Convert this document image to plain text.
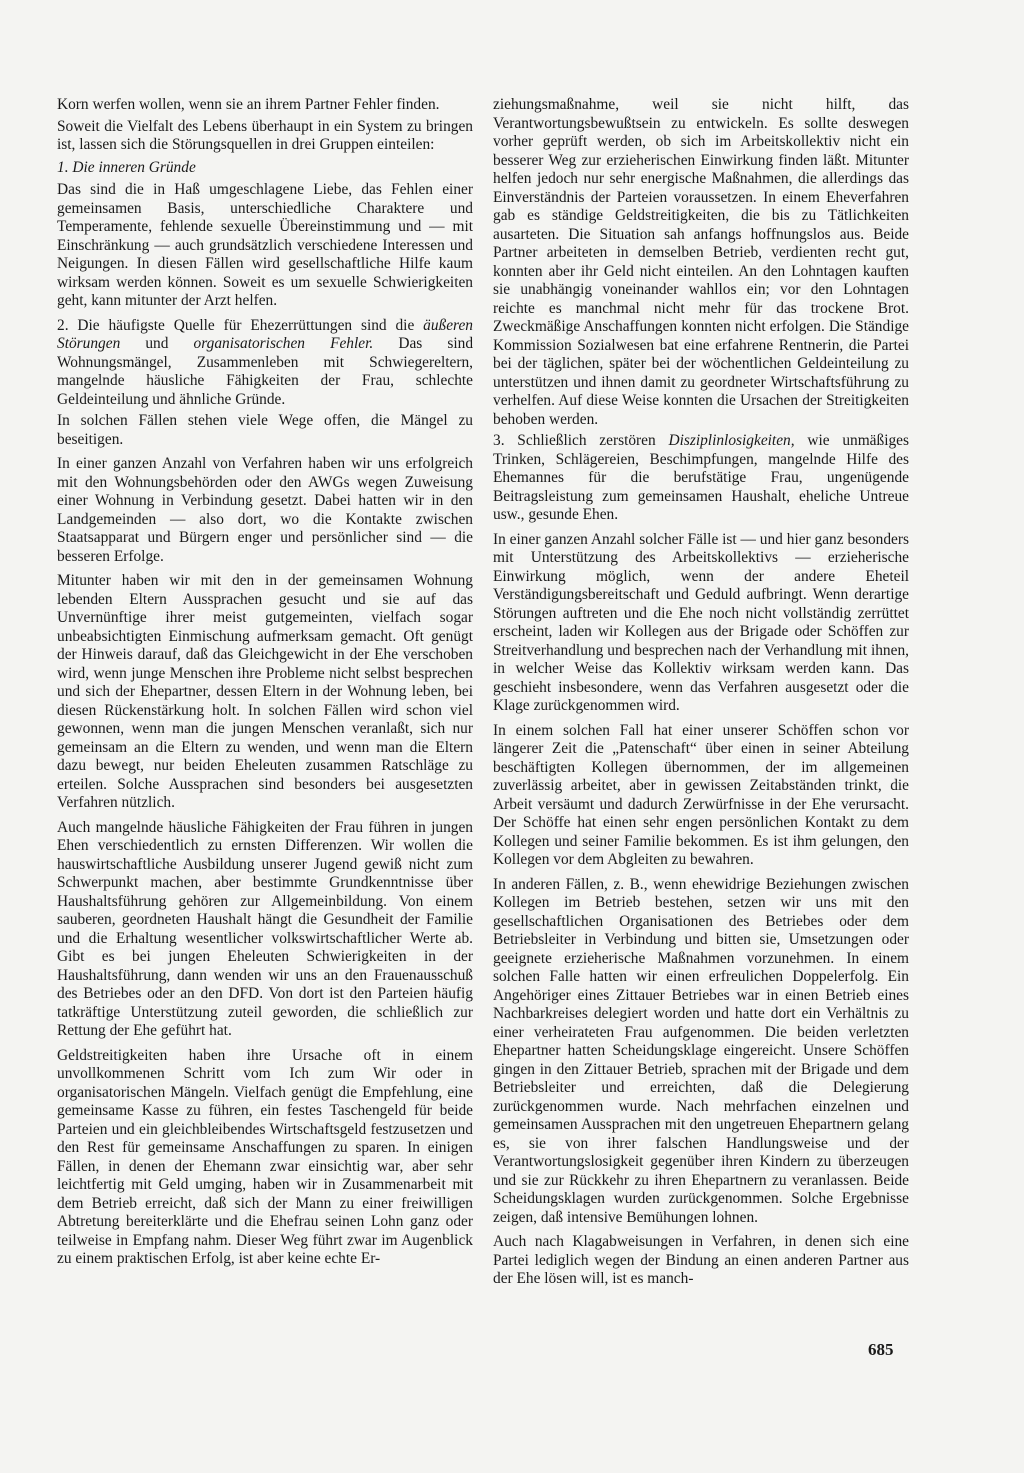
Korn werfen wollen, wenn sie an ihrem Partner Fehler finden.

Soweit die Vielfalt des Lebens überhaupt in ein System zu bringen ist, lassen sich die Störungsquellen in drei Gruppen einteilen:

1. Die inneren Gründe

Das sind die in Haß umgeschlagene Liebe, das Fehlen einer gemeinsamen Basis, unterschiedliche Charaktere und Temperamente, fehlende sexuelle Übereinstimmung und — mit Einschränkung — auch grundsätzlich verschiedene Interessen und Neigungen. In diesen Fällen wird gesellschaftliche Hilfe kaum wirksam werden können. Soweit es um sexuelle Schwierigkeiten geht, kann mitunter der Arzt helfen.

2. Die häufigste Quelle für Ehezerrüttungen sind die äußeren Störungen und organisatorischen Fehler. Das sind Wohnungsmängel, Zusammenleben mit Schwiegereltern, mangelnde häusliche Fähigkeiten der Frau, schlechte Geldeinteilung und ähnliche Gründe.

In solchen Fällen stehen viele Wege offen, die Mängel zu beseitigen.

In einer ganzen Anzahl von Verfahren haben wir uns erfolgreich mit den Wohnungsbehörden oder den AWGs wegen Zuweisung einer Wohnung in Verbindung gesetzt. Dabei hatten wir in den Landgemeinden — also dort, wo die Kontakte zwischen Staatsapparat und Bürgern enger und persönlicher sind — die besseren Erfolge.

Mitunter haben wir mit den in der gemeinsamen Wohnung lebenden Eltern Aussprachen gesucht und sie auf das Unvernünftige ihrer meist gutgemeinten, vielfach sogar unbeabsichtigten Einmischung aufmerksam gemacht. Oft genügt der Hinweis darauf, daß das Gleichgewicht in der Ehe verschoben wird, wenn junge Menschen ihre Probleme nicht selbst besprechen und sich der Ehepartner, dessen Eltern in der Wohnung leben, bei diesen Rückenstärkung holt. In solchen Fällen wird schon viel gewonnen, wenn man die jungen Menschen veranlaßt, sich nur gemeinsam an die Eltern zu wenden, und wenn man die Eltern dazu bewegt, nur beiden Eheleuten zusammen Ratschläge zu erteilen. Solche Aussprachen sind besonders bei ausgesetzten Verfahren nützlich.

Auch mangelnde häusliche Fähigkeiten der Frau führen in jungen Ehen verschiedentlich zu ernsten Differenzen. Wir wollen die hauswirtschaftliche Ausbildung unserer Jugend gewiß nicht zum Schwerpunkt machen, aber bestimmte Grundkenntnisse über Haushaltsführung gehören zur Allgemeinbildung. Von einem sauberen, geordneten Haushalt hängt die Gesundheit der Familie und die Erhaltung wesentlicher volkswirtschaftlicher Werte ab. Gibt es bei jungen Eheleuten Schwierigkeiten in der Haushaltsführung, dann wenden wir uns an den Frauenausschuß des Betriebes oder an den DFD. Von dort ist den Parteien häufig tatkräftige Unterstützung zuteil geworden, die schließlich zur Rettung der Ehe geführt hat.

Geldstreitigkeiten haben ihre Ursache oft in einem unvollkommenen Schritt vom Ich zum Wir oder in organisatorischen Mängeln. Vielfach genügt die Empfehlung, eine gemeinsame Kasse zu führen, ein festes Taschengeld für beide Parteien und ein gleichbleibendes Wirtschaftsgeld festzusetzen und den Rest für gemeinsame Anschaffungen zu sparen. In einigen Fällen, in denen der Ehemann zwar einsichtig war, aber sehr leichtfertig mit Geld umging, haben wir in Zusammenarbeit mit dem Betrieb erreicht, daß sich der Mann zu einer freiwilligen Abtretung bereiterklärte und die Ehefrau seinen Lohn ganz oder teilweise in Empfang nahm. Dieser Weg führt zwar im Augenblick zu einem praktischen Erfolg, ist aber keine echte Er-

ziehungsmaßnahme, weil sie nicht hilft, das Verantwortungsbewußtsein zu entwickeln. Es sollte deswegen vorher geprüft werden, ob sich im Arbeitskollektiv nicht ein besserer Weg zur erzieherischen Einwirkung finden läßt. Mitunter helfen jedoch nur sehr energische Maßnahmen, die allerdings das Einverständnis der Parteien voraussetzen. In einem Eheverfahren gab es ständige Geldstreitigkeiten, die bis zu Tätlichkeiten ausarteten. Die Situation sah anfangs hoffnungslos aus. Beide Partner arbeiteten in demselben Betrieb, verdienten recht gut, konnten aber ihr Geld nicht einteilen. An den Lohntagen kauften sie unabhängig voneinander wahllos ein; vor den Lohntagen reichte es manchmal nicht mehr für das trockene Brot. Zweckmäßige Anschaffungen konnten nicht erfolgen. Die Ständige Kommission Sozialwesen bat eine erfahrene Rentnerin, die Partei bei der täglichen, später bei der wöchentlichen Geldeinteilung zu unterstützen und ihnen damit zu geordneter Wirtschaftsführung zu verhelfen. Auf diese Weise konnten die Ursachen der Streitigkeiten behoben werden.

3. Schließlich zerstören Disziplinlosigkeiten, wie unmäßiges Trinken, Schlägereien, Beschimpfungen, mangelnde Hilfe des Ehemannes für die berufstätige Frau, ungenügende Beitragsleistung zum gemeinsamen Haushalt, eheliche Untreue usw., gesunde Ehen.

In einer ganzen Anzahl solcher Fälle ist — und hier ganz besonders mit Unterstützung des Arbeitskollektivs — erzieherische Einwirkung möglich, wenn der andere Eheteil Verständigungsbereitschaft und Geduld aufbringt. Wenn derartige Störungen auftreten und die Ehe noch nicht vollständig zerrüttet erscheint, laden wir Kollegen aus der Brigade oder Schöffen zur Streitverhandlung und besprechen nach der Verhandlung mit ihnen, in welcher Weise das Kollektiv wirksam werden kann. Das geschieht insbesondere, wenn das Verfahren ausgesetzt oder die Klage zurückgenommen wird.

In einem solchen Fall hat einer unserer Schöffen schon vor längerer Zeit die „Patenschaft“ über einen in seiner Abteilung beschäftigten Kollegen übernommen, der im allgemeinen zuverlässig arbeitet, aber in gewissen Zeitabständen trinkt, die Arbeit versäumt und dadurch Zerwürfnisse in der Ehe verursacht. Der Schöffe hat einen sehr engen persönlichen Kontakt zu dem Kollegen und seiner Familie bekommen. Es ist ihm gelungen, den Kollegen vor dem Abgleiten zu bewahren.

In anderen Fällen, z. B., wenn ehewidrige Beziehungen zwischen Kollegen im Betrieb bestehen, setzen wir uns mit den gesellschaftlichen Organisationen des Betriebes oder dem Betriebsleiter in Verbindung und bitten sie, Umsetzungen oder geeignete erzieherische Maßnahmen vorzunehmen. In einem solchen Falle hatten wir einen erfreulichen Doppelerfolg. Ein Angehöriger eines Zittauer Betriebes war in einen Betrieb eines Nachbarkreises delegiert worden und hatte dort ein Verhältnis zu einer verheirateten Frau aufgenommen. Die beiden verletzten Ehepartner hatten Scheidungsklage eingereicht. Unsere Schöffen gingen in den Zittauer Betrieb, sprachen mit der Brigade und dem Betriebsleiter und erreichten, daß die Delegierung zurückgenommen wurde. Nach mehrfachen einzelnen und gemeinsamen Aussprachen mit den ungetreuen Ehepartnern gelang es, sie von ihrer falschen Handlungsweise und der Verantwortungslosigkeit gegenüber ihren Kindern zu überzeugen und sie zur Rückkehr zu ihren Ehepartnern zu veranlassen. Beide Scheidungsklagen wurden zurückgenommen. Solche Ergebnisse zeigen, daß intensive Bemühungen lohnen.

Auch nach Klagabweisungen in Verfahren, in denen sich eine Partei lediglich wegen der Bindung an einen anderen Partner aus der Ehe lösen will, ist es manch-

685
